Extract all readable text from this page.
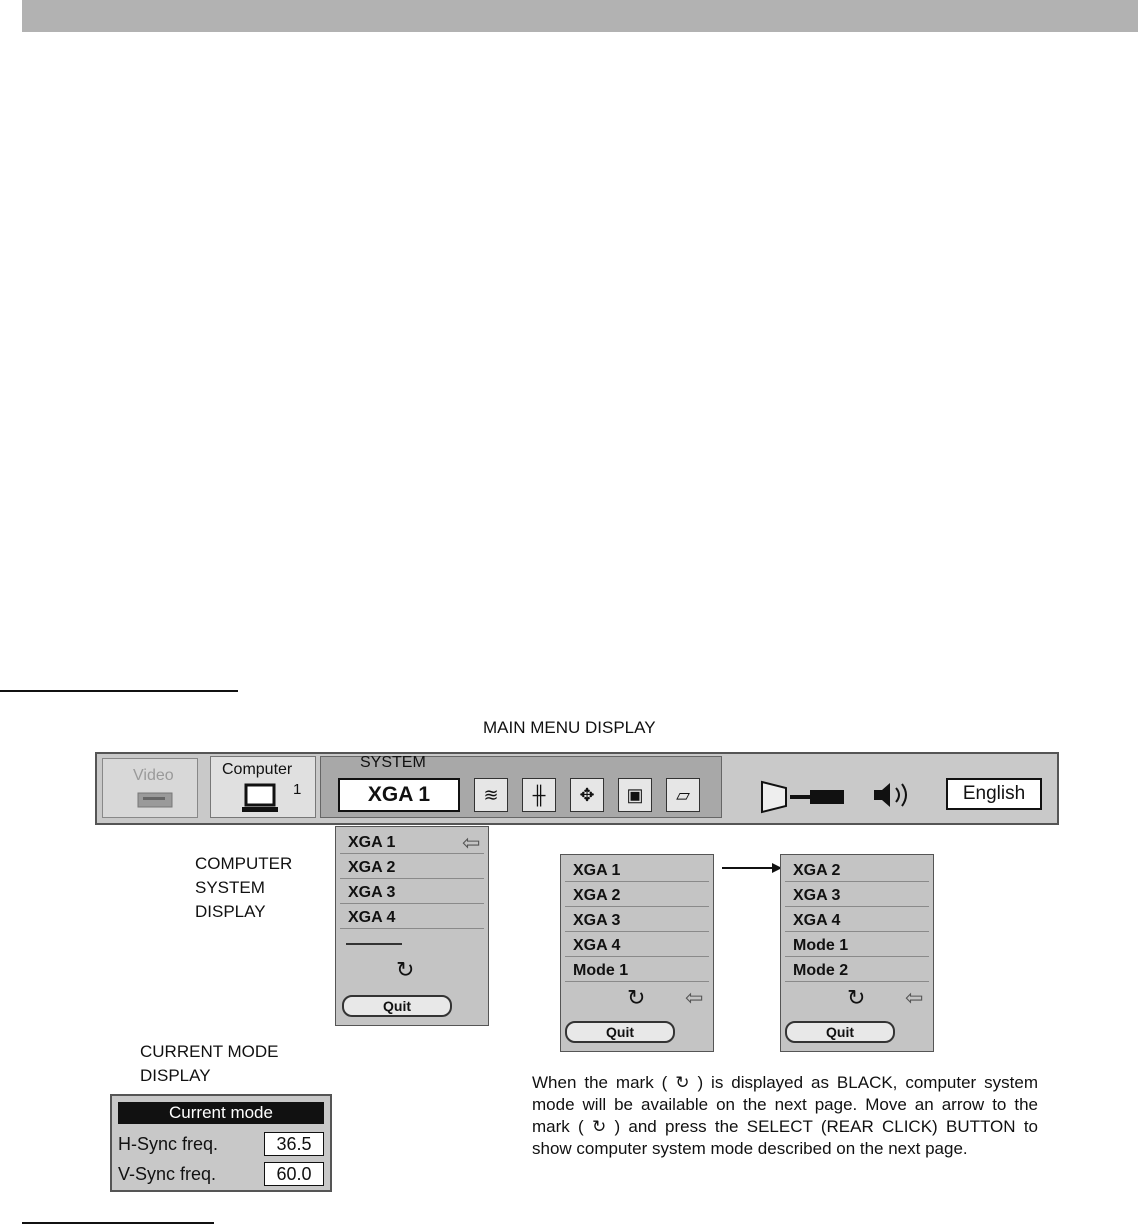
MAIN MENU DISPLAY
Video	Computer
1
SYSTEM
XGA 1	≋	╫	✥	▣	▱	English
COMPUTER
SYSTEM
DISPLAY
XGA 1
XGA 2
XGA 3
XGA 4
⇦
↻
Quit
XGA 1
XGA 2
XGA 3
XGA 4
Mode 1
↻ ⇦
Quit
XGA 2
XGA 3
XGA 4
Mode 1
Mode 2
↻ ⇦
Quit
CURRENT MODE
DISPLAY
Current mode
H-Sync freq.	36.5
V-Sync freq.	60.0
When the mark ( ↻ ) is displayed as BLACK, computer system mode will be available on the next page. Move an arrow to the mark ( ↻ ) and press the SELECT (REAR CLICK) BUTTON to show computer system mode described on the next page.
